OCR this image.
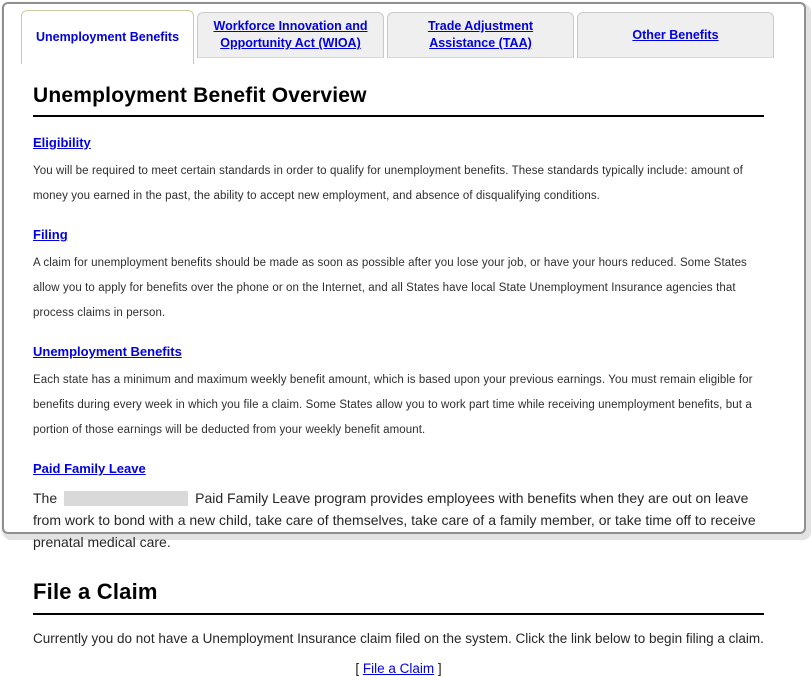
Unemployment Benefits
Workforce Innovation and Opportunity Act (WIOA)
Trade Adjustment Assistance (TAA)
Other Benefits
Unemployment Benefit Overview
Eligibility
You will be required to meet certain standards in order to qualify for unemployment benefits. These standards typically include: amount of money you earned in the past, the ability to accept new employment, and absence of disqualifying conditions.
Filing
A claim for unemployment benefits should be made as soon as possible after you lose your job, or have your hours reduced. Some States allow you to apply for benefits over the phone or on the Internet, and all States have local State Unemployment Insurance agencies that process claims in person.
Unemployment Benefits
Each state has a minimum and maximum weekly benefit amount, which is based upon your previous earnings. You must remain eligible for benefits during every week in which you file a claim. Some States allow you to work part time while receiving unemployment benefits, but a portion of those earnings will be deducted from your weekly benefit amount.
Paid Family Leave
The	Paid Family Leave program provides employees with benefits when they are out on leave from work to bond with a new child, take care of themselves, take care of a family member, or take time off to receive prenatal medical care.
File a Claim
Currently you do not have a Unemployment Insurance claim filed on the system. Click the link below to begin filing a claim.
[ File a Claim ]
